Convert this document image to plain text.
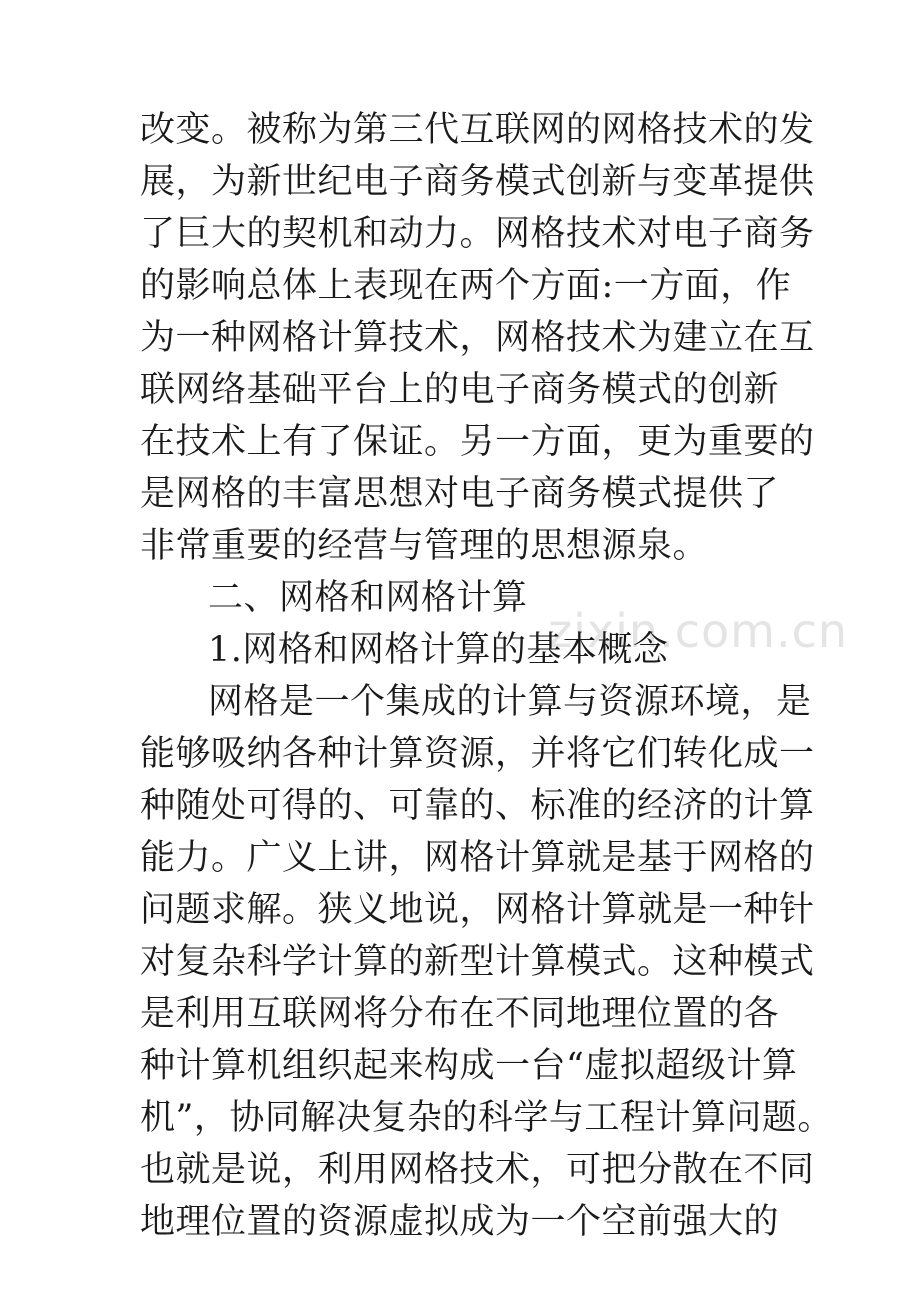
zixin.com.cn
改变。被称为第三代互联网的网格技术的发
展，为新世纪电子商务模式创新与变革提供
了巨大的契机和动力。网格技术对电子商务
的影响总体上表现在两个方面:一方面，作
为一种网格计算技术，网格技术为建立在互
联网络基础平台上的电子商务模式的创新
在技术上有了保证。另一方面，更为重要的
是网格的丰富思想对电子商务模式提供了
非常重要的经营与管理的思想源泉。
二、网格和网格计算
1.网格和网格计算的基本概念
网格是一个集成的计算与资源环境，是
能够吸纳各种计算资源，并将它们转化成一
种随处可得的、可靠的、标准的经济的计算
能力。广义上讲，网格计算就是基于网格的
问题求解。狭义地说，网格计算就是一种针
对复杂科学计算的新型计算模式。这种模式
是利用互联网将分布在不同地理位置的各
种计算机组织起来构成一台“虚拟超级计算
机”，协同解决复杂的科学与工程计算问题。
也就是说，利用网格技术，可把分散在不同
地理位置的资源虚拟成为一个空前强大的
